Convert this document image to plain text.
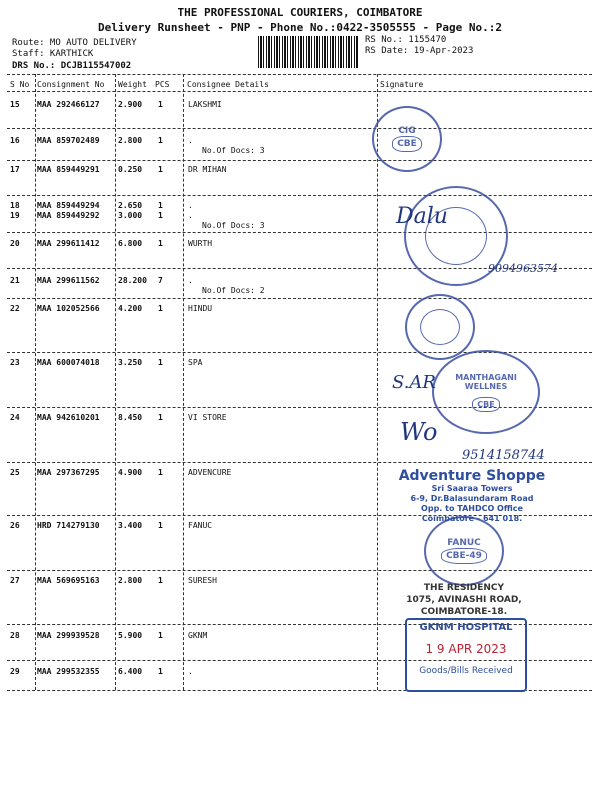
THE PROFESSIONAL COURIERS, COIMBATORE
Delivery Runsheet - PNP - Phone No.:0422-3505555 - Page No.:2
Route: MO AUTO DELIVERY
Staff: KARTHICK
DRS No.: DCJB115547002
RS No.: 1155470
RS Date: 19-Apr-2023
S No Consignment No Weight PCS Consignee Details	Signature
15 MAA 292466127 2.900 1	LAKSHMI
16 MAA 859702489 2.800 1	.
No.Of Docs: 3
17 MAA 859449291 0.250 1	DR MIHAN
18 MAA 859449294 2.650 1	.
19 MAA 859449292 3.000 1	.
No.Of Docs: 3
20 MAA 299611412 6.800 1	WURTH
21 MAA 299611562 28.200 7	.
No.Of Docs: 2
22 MAA 102052566 4.200 1	HINDU
23 MAA 600074018 3.250 1	SPA
24 MAA 942610201 8.450 1	VI STORE
25 MAA 297367295 4.900 1	ADVENCURE
26 HRD 714279130 3.400 1	FANUC
27 MAA 569695163 2.800 1	SURESH
28 MAA 299939528 5.900 1	GKNM
29 MAA 299532355 6.400 1	.
CIG
CBE
MANTHAGANI WELLNES
CBE
FANUC
CBE-49
Adventure Shoppe
Sri Saaraa Towers
6-9, Dr.Balasundaram Road
Opp. to TAHDCO Office
Coimbatore - 641 018.
THE RESIDENCY
1075, AVINASHI ROAD,
COIMBATORE-18.
GKNM HOSPITAL
1 9 APR 2023
Goods/Bills Received
Dalu
9094963574
S.AR
Wo
9514158744
